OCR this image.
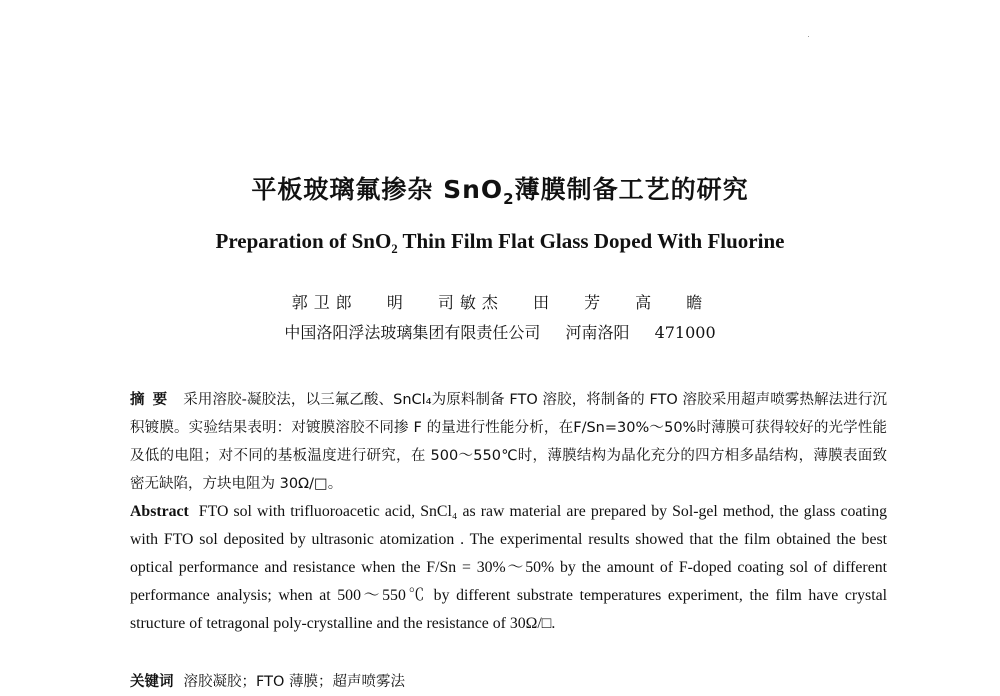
平板玻璃氟掺杂 SnO$_2$薄膜制备工艺的研究
Preparation of SnO$_2$ Thin Film Flat Glass Doped With Fluorine
郭卫郎 明 司敏杰 田 芳 高 瞻
中国洛阳浮法玻璃集团有限责任公司 河南洛阳 471000
摘要 采用溶胶-凝胶法，以三氟乙酸、SnCl₄为原料制备 FTO 溶胶，将制备的 FTO 溶胶采用超声喷雾热解法进行沉积镀膜。实验结果表明：对镀膜溶胶不同掺 F 的量进行性能分析，在F/Sn=30%～50%时薄膜可获得较好的光学性能及低的电阻；对不同的基板温度进行研究，在 500～550℃时，薄膜结构为晶化充分的四方相多晶结构，薄膜表面致密无缺陷，方块电阻为 30Ω/□。
Abstract FTO sol with trifluoroacetic acid, SnCl₄ as raw material are prepared by Sol-gel method, the glass coating with FTO sol deposited by ultrasonic atomization . The experimental results showed that the film obtained the best optical performance and resistance when the F/Sn = 30%～50% by the amount of F-doped coating sol of different performance analysis; when at 500～550℃ by different substrate temperatures experiment, the film have crystal structure of tetragonal poly-crystalline and the resistance of 30Ω/□.
关键词 溶胶凝胶；FTO 薄膜；超声喷雾法
